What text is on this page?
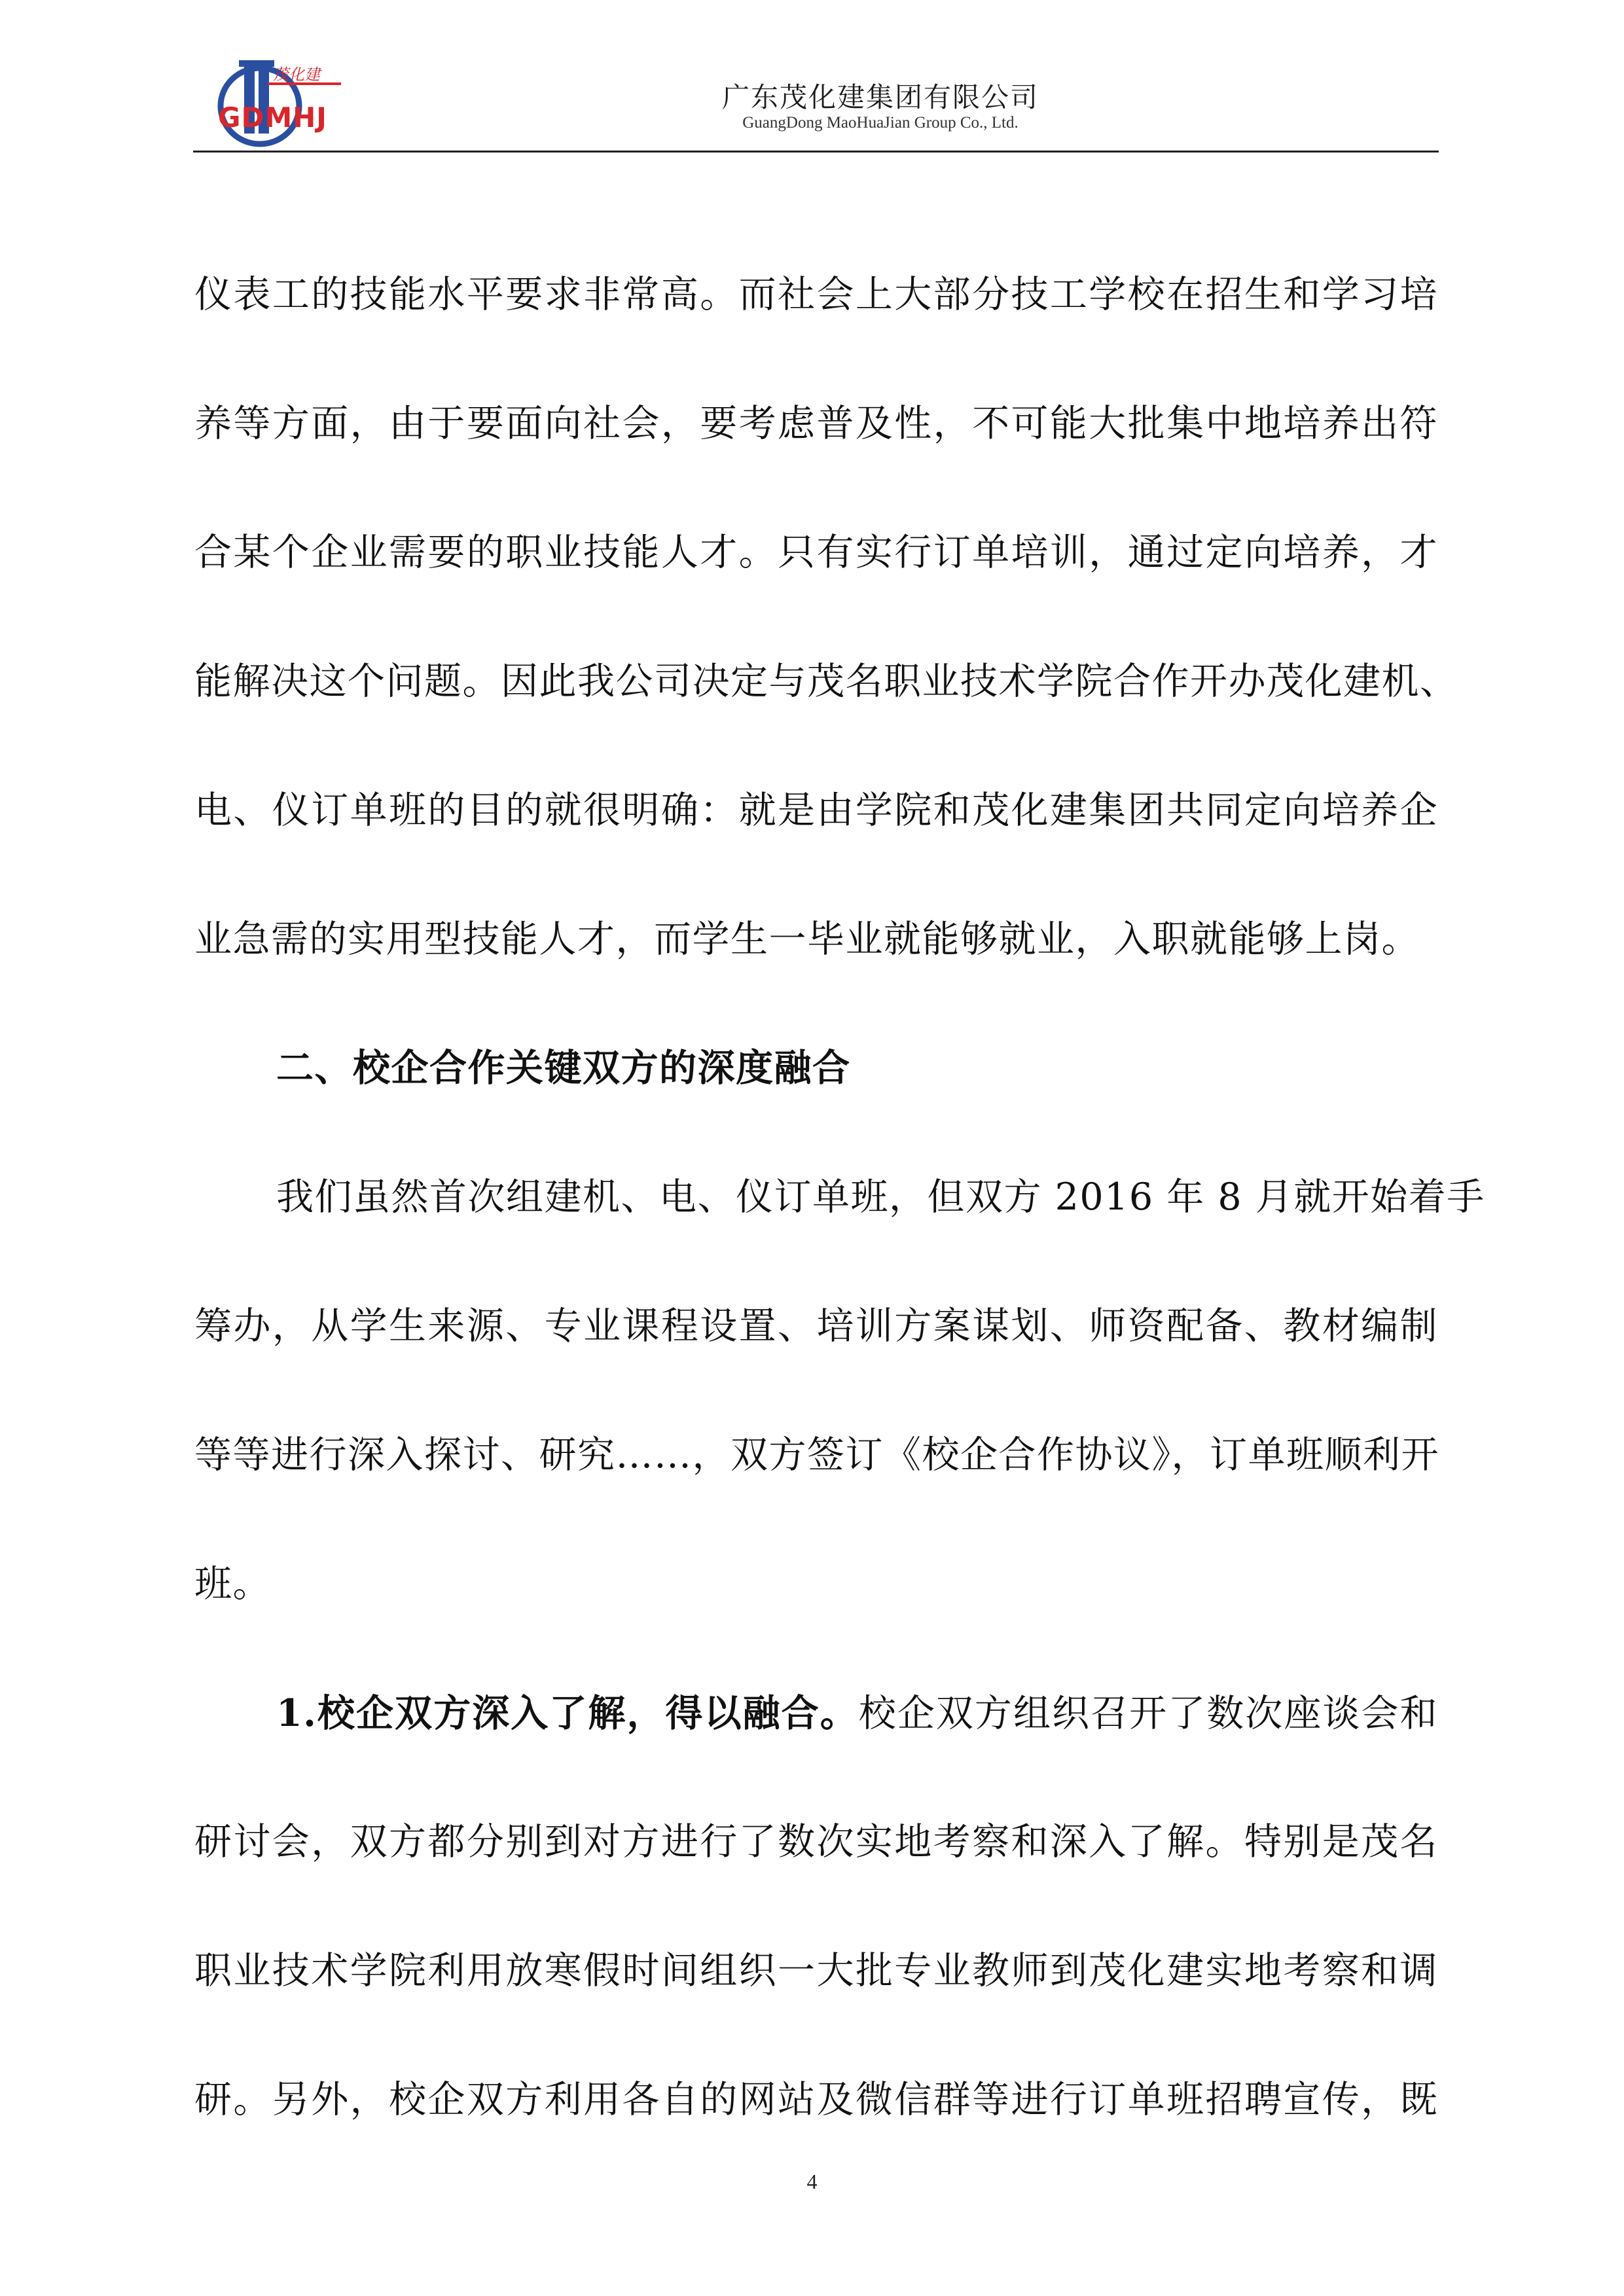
茂化建
GDMHJ
广东茂化建集团有限公司
GuangDong MaoHuaJian Group Co., Ltd.

仪表工的技能水平要求非常高。而社会上大部分技工学校在招生和学习培

养等方面，由于要面向社会，要考虑普及性，不可能大批集中地培养出符

合某个企业需要的职业技能人才。只有实行订单培训，通过定向培养，才

能解决这个问题。因此我公司决定与茂名职业技术学院合作开办茂化建机、

电、仪订单班的目的就很明确：就是由学院和茂化建集团共同定向培养企

业急需的实用型技能人才，而学生一毕业就能够就业，入职就能够上岗。

二、校企合作关键双方的深度融合

我们虽然首次组建机、电、仪订单班，但双方 2016 年 8 月就开始着手

筹办，从学生来源、专业课程设置、培训方案谋划、师资配备、教材编制

等等进行深入探讨、研究……，双方签订《校企合作协议》，订单班顺利开

班。

1.校企双方深入了解，得以融合。校企双方组织召开了数次座谈会和

研讨会，双方都分别到对方进行了数次实地考察和深入了解。特别是茂名

职业技术学院利用放寒假时间组织一大批专业教师到茂化建实地考察和调

研。另外，校企双方利用各自的网站及微信群等进行订单班招聘宣传，既

4
